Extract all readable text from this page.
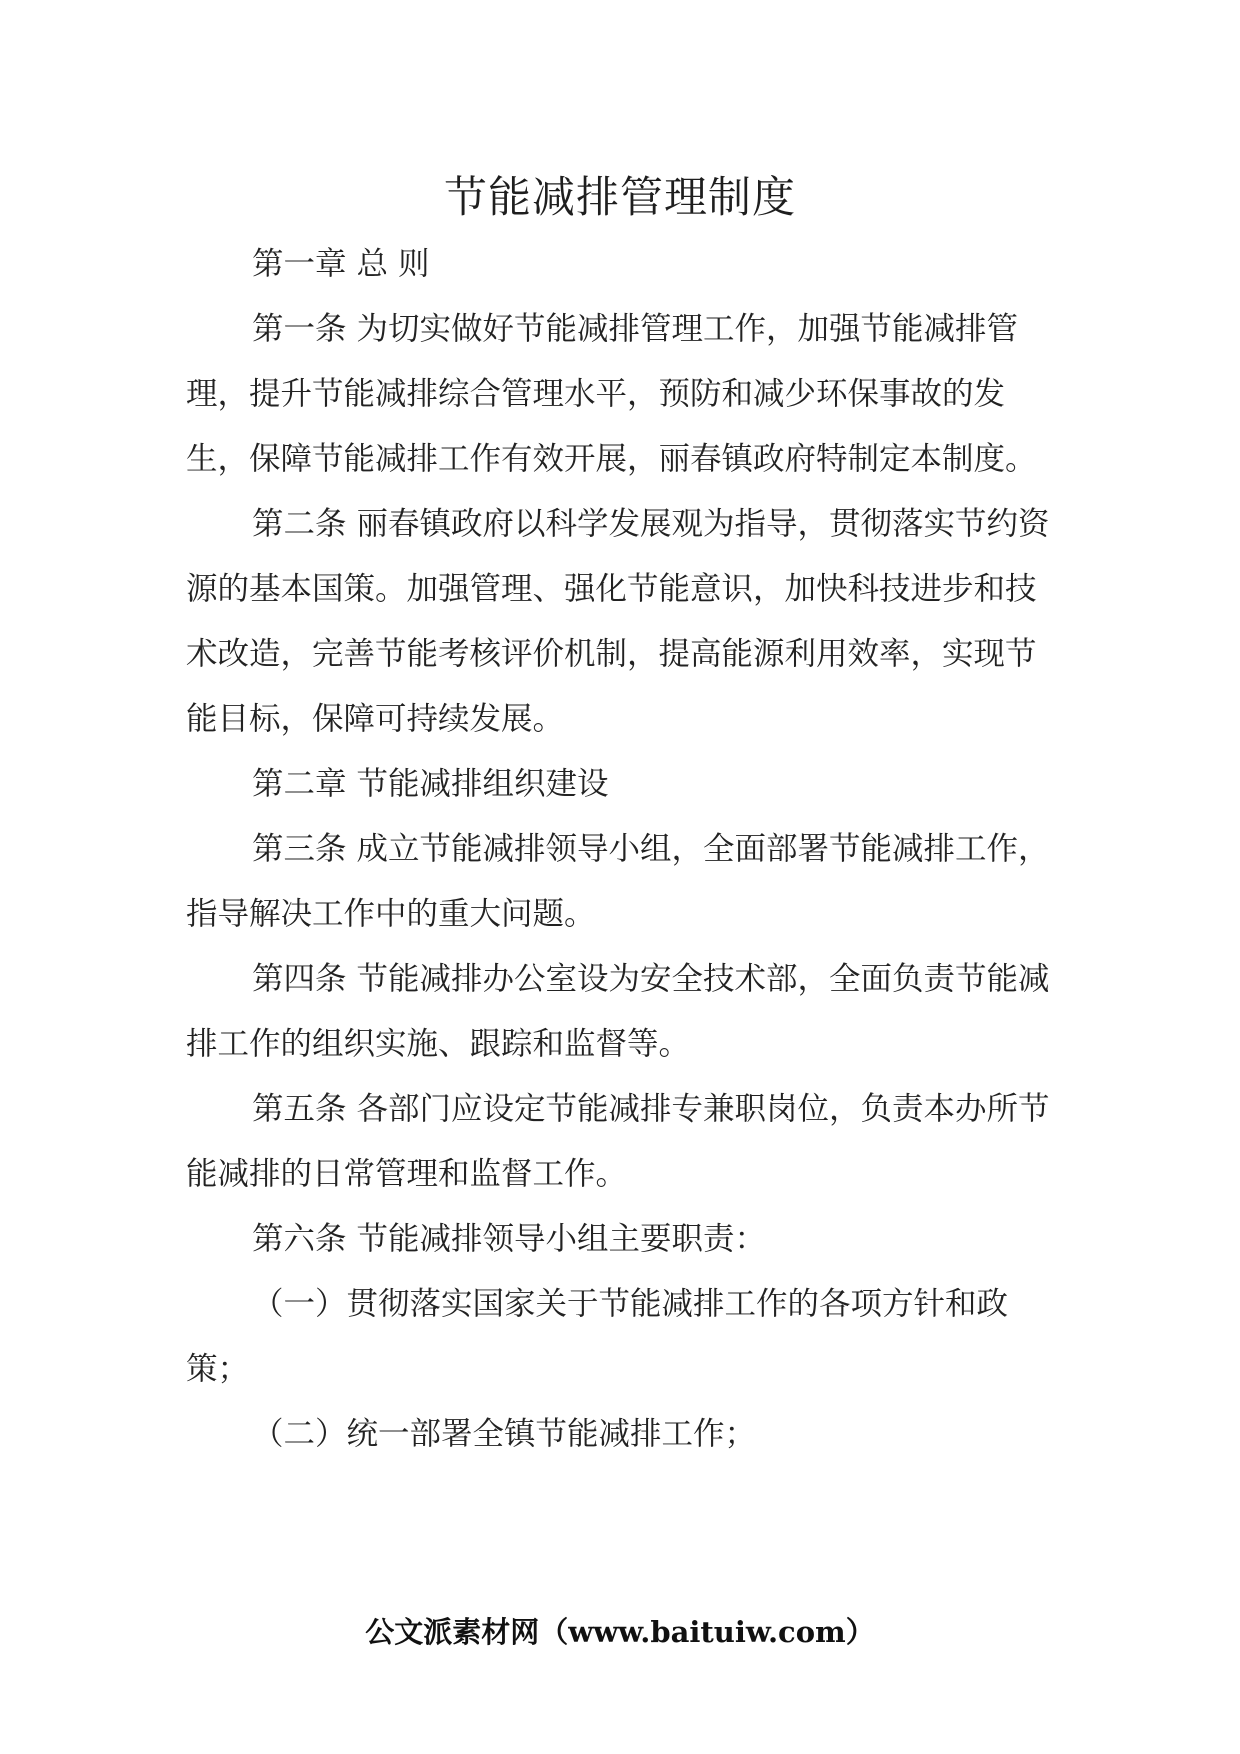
节能减排管理制度

第一章 总 则

第一条 为切实做好节能减排管理工作，加强节能减排管理，提升节能减排综合管理水平，预防和减少环保事故的发生，保障节能减排工作有效开展，丽春镇政府特制定本制度。

第二条 丽春镇政府以科学发展观为指导，贯彻落实节约资源的基本国策。加强管理、强化节能意识，加快科技进步和技术改造，完善节能考核评价机制，提高能源利用效率，实现节能目标，保障可持续发展。

第二章 节能减排组织建设

第三条 成立节能减排领导小组，全面部署节能减排工作，指导解决工作中的重大问题。

第四条 节能减排办公室设为安全技术部，全面负责节能减排工作的组织实施、跟踪和监督等。

第五条 各部门应设定节能减排专兼职岗位，负责本办所节能减排的日常管理和监督工作。

第六条 节能减排领导小组主要职责：

（一）贯彻落实国家关于节能减排工作的各项方针和政策；

（二）统一部署全镇节能减排工作；

公文派素材网（www.baituiw.com）
